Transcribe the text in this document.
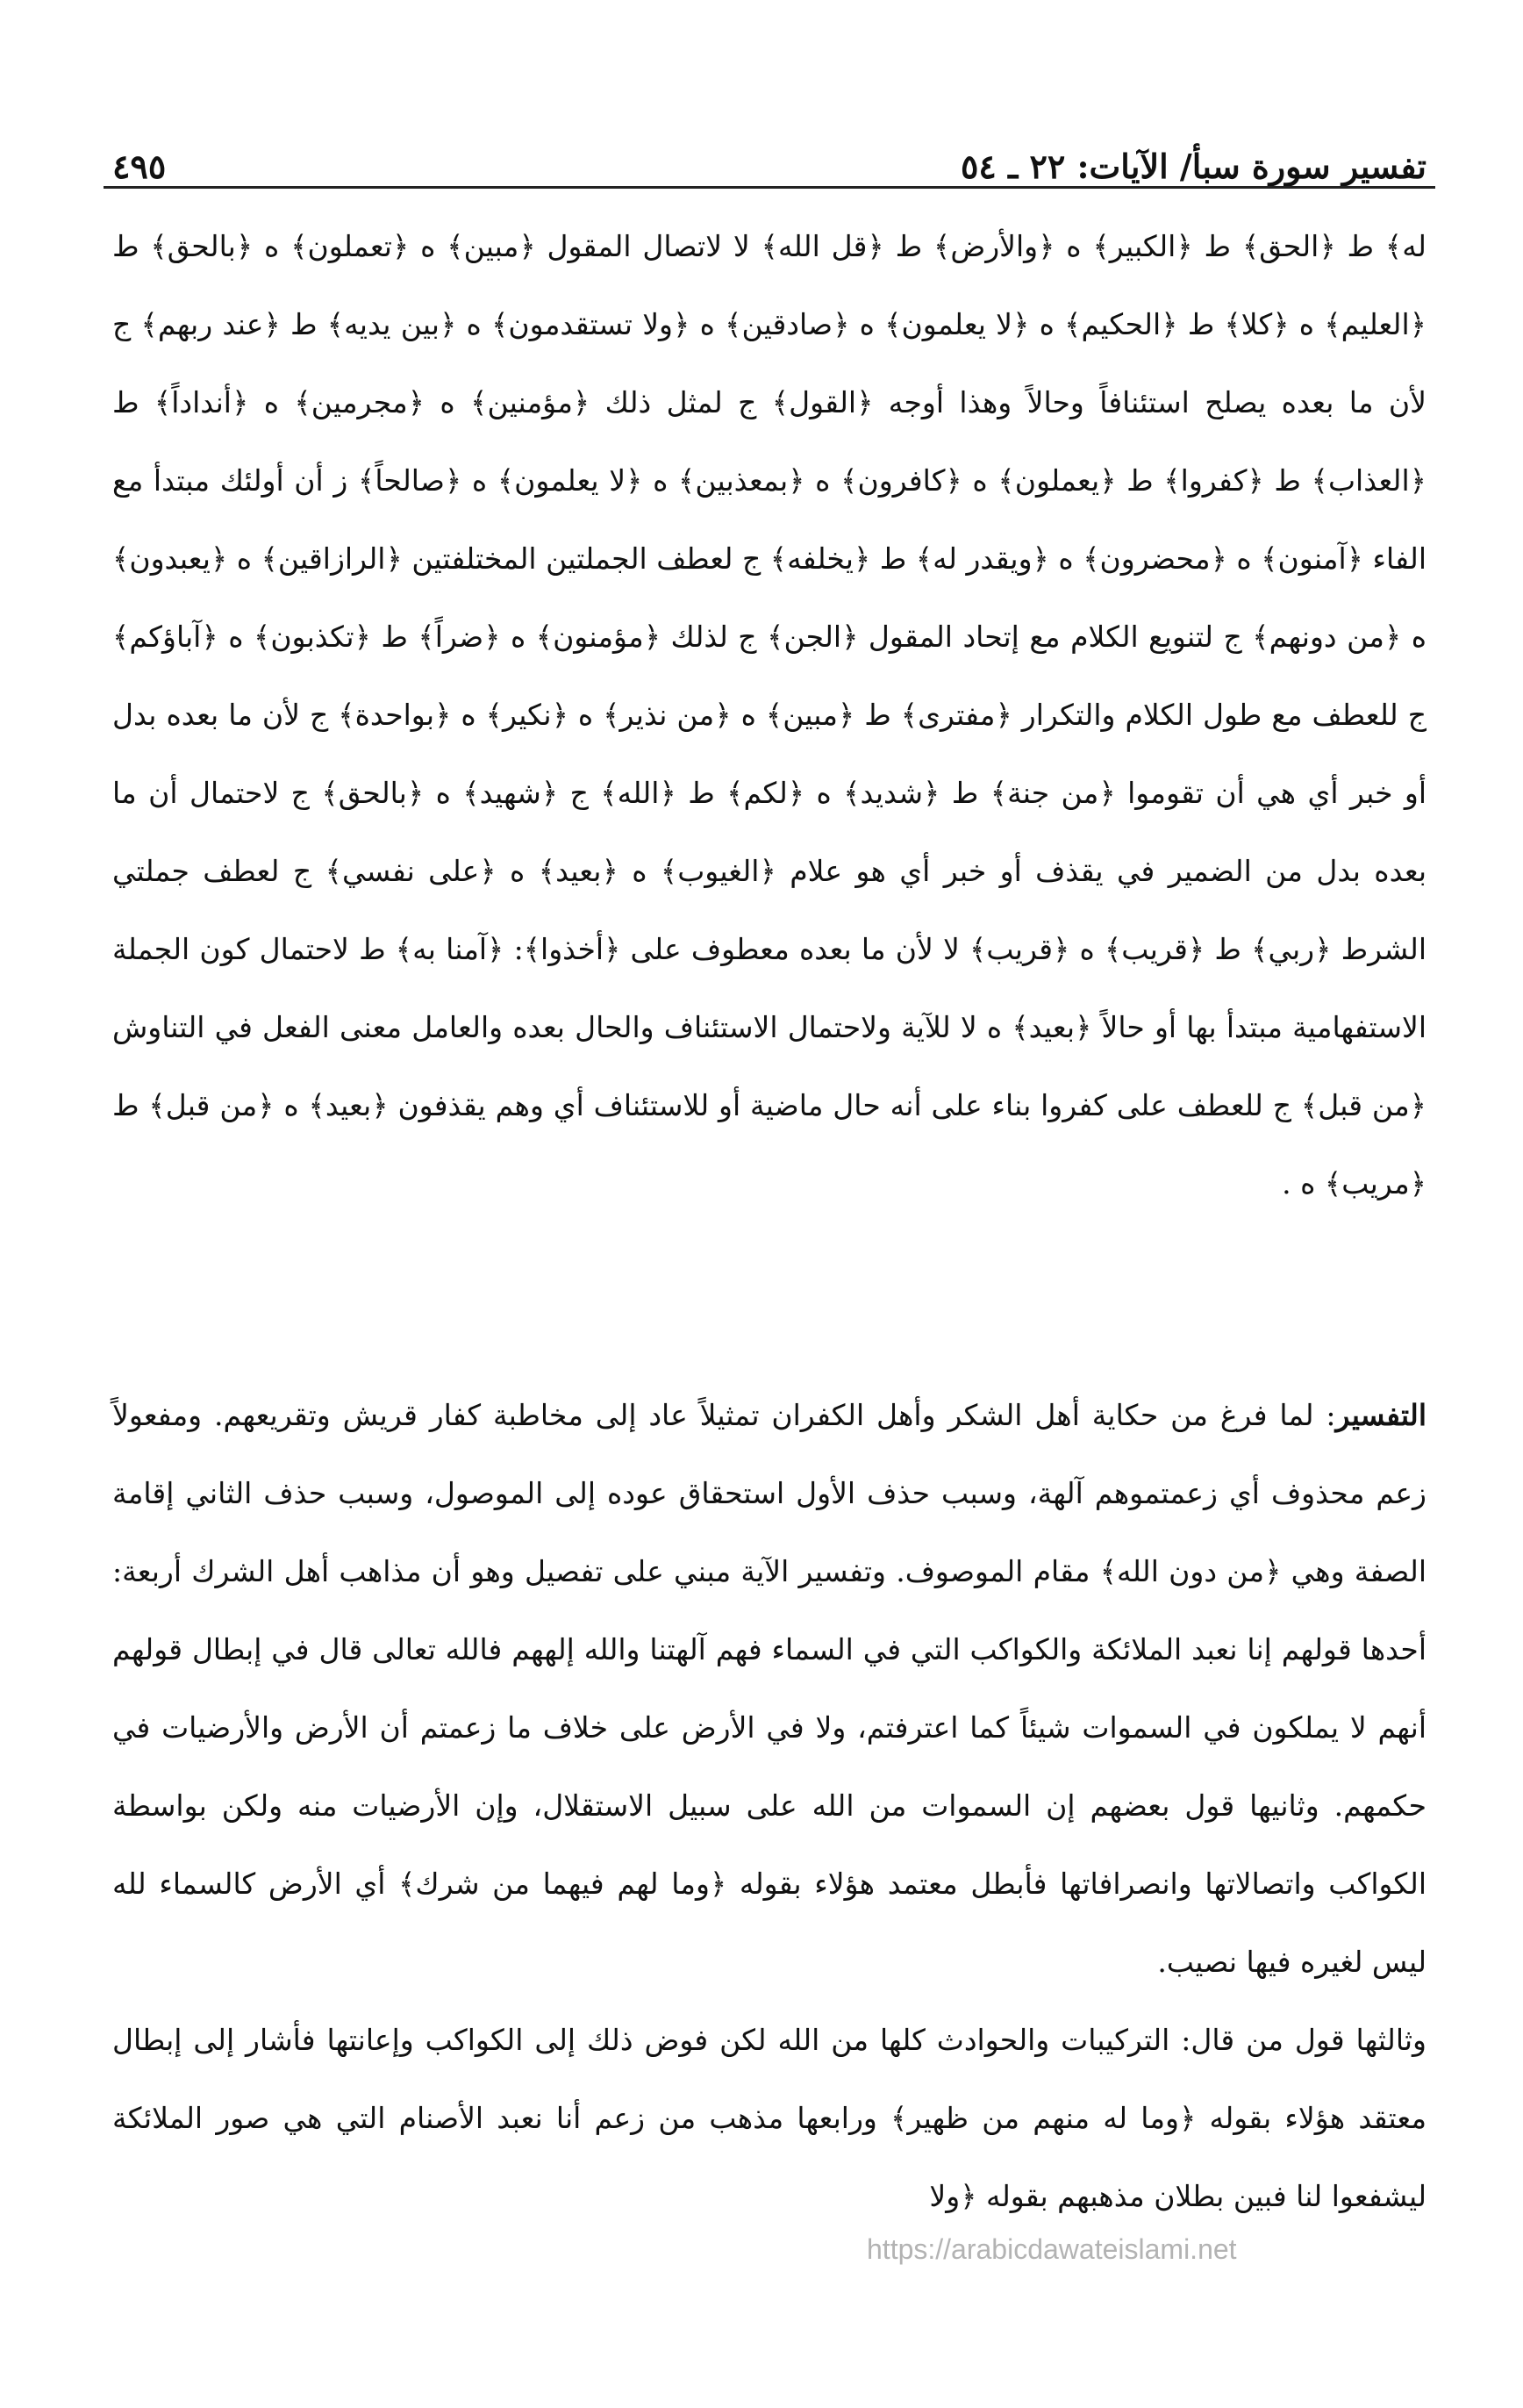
تفسير سورة سبأ/ الآيات: ٢٢ ـ ٥٤
٤٩٥

له﴾ ط ﴿الحق﴾ ط ﴿الكبير﴾ ه ﴿والأرض﴾ ط ﴿قل الله﴾ لا لاتصال المقول ﴿مبين﴾ ه ﴿تعملون﴾ ه ﴿بالحق﴾ ط ﴿العليم﴾ ه ﴿كلا﴾ ط ﴿الحكيم﴾ ه ﴿لا يعلمون﴾ ه ﴿صادقين﴾ ه ﴿ولا تستقدمون﴾ ه ﴿بين يديه﴾ ط ﴿عند ربهم﴾ ج لأن ما بعده يصلح استئنافاً وحالاً وهذا أوجه ﴿القول﴾ ج لمثل ذلك ﴿مؤمنين﴾ ه ﴿مجرمين﴾ ه ﴿أنداداً﴾ ط ﴿العذاب﴾ ط ﴿كفروا﴾ ط ﴿يعملون﴾ ه ﴿كافرون﴾ ه ﴿بمعذبين﴾ ه ﴿لا يعلمون﴾ ه ﴿صالحاً﴾ ز أن أولئك مبتدأ مع الفاء ﴿آمنون﴾ ه ﴿محضرون﴾ ه ﴿ويقدر له﴾ ط ﴿يخلفه﴾ ج لعطف الجملتين المختلفتين ﴿الرازاقين﴾ ه ﴿يعبدون﴾ ه ﴿من دونهم﴾ ج لتنويع الكلام مع إتحاد المقول ﴿الجن﴾ ج لذلك ﴿مؤمنون﴾ ه ﴿ضراً﴾ ط ﴿تكذبون﴾ ه ﴿آباؤكم﴾ ج للعطف مع طول الكلام والتكرار ﴿مفترى﴾ ط ﴿مبين﴾ ه ﴿من نذير﴾ ه ﴿نكير﴾ ه ﴿بواحدة﴾ ج لأن ما بعده بدل أو خبر أي هي أن تقوموا ﴿من جنة﴾ ط ﴿شديد﴾ ه ﴿لكم﴾ ط ﴿الله﴾ ج ﴿شهيد﴾ ه ﴿بالحق﴾ ج لاحتمال أن ما بعده بدل من الضمير في يقذف أو خبر أي هو علام ﴿الغيوب﴾ ه ﴿بعيد﴾ ه ﴿على نفسي﴾ ج لعطف جملتي الشرط ﴿ربي﴾ ط ﴿قريب﴾ ه ﴿قريب﴾ لا لأن ما بعده معطوف على ﴿أخذوا﴾: ﴿آمنا به﴾ ط لاحتمال كون الجملة الاستفهامية مبتدأ بها أو حالاً ﴿بعيد﴾ ه لا للآية ولاحتمال الاستئناف والحال بعده والعامل معنى الفعل في التناوش ﴿من قبل﴾ ج للعطف على كفروا بناء على أنه حال ماضية أو للاستئناف أي وهم يقذفون ﴿بعيد﴾ ه ﴿من قبل﴾ ط ﴿مريب﴾ ه .

التفسير: لما فرغ من حكاية أهل الشكر وأهل الكفران تمثيلاً عاد إلى مخاطبة كفار قريش وتقريعهم. ومفعولاً زعم محذوف أي زعمتموهم آلهة، وسبب حذف الأول استحقاق عوده إلى الموصول، وسبب حذف الثاني إقامة الصفة وهي ﴿من دون الله﴾ مقام الموصوف. وتفسير الآية مبني على تفصيل وهو أن مذاهب أهل الشرك أربعة: أحدها قولهم إنا نعبد الملائكة والكواكب التي في السماء فهم آلهتنا والله إلههم فالله تعالى قال في إبطال قولهم أنهم لا يملكون في السموات شيئاً كما اعترفتم، ولا في الأرض على خلاف ما زعمتم أن الأرض والأرضيات في حكمهم. وثانيها قول بعضهم إن السموات من الله على سبيل الاستقلال، وإن الأرضيات منه ولكن بواسطة الكواكب واتصالاتها وانصرافاتها فأبطل معتمد هؤلاء بقوله ﴿وما لهم فيهما من شرك﴾ أي الأرض كالسماء لله ليس لغيره فيها نصيب.

وثالثها قول من قال: التركيبات والحوادث كلها من الله لكن فوض ذلك إلى الكواكب وإعانتها فأشار إلى إبطال معتقد هؤلاء بقوله ﴿وما له منهم من ظهير﴾ ورابعها مذهب من زعم أنا نعبد الأصنام التي هي صور الملائكة ليشفعوا لنا فبين بطلان مذهبهم بقوله ﴿ولا

https://arabicdawateislami.net
